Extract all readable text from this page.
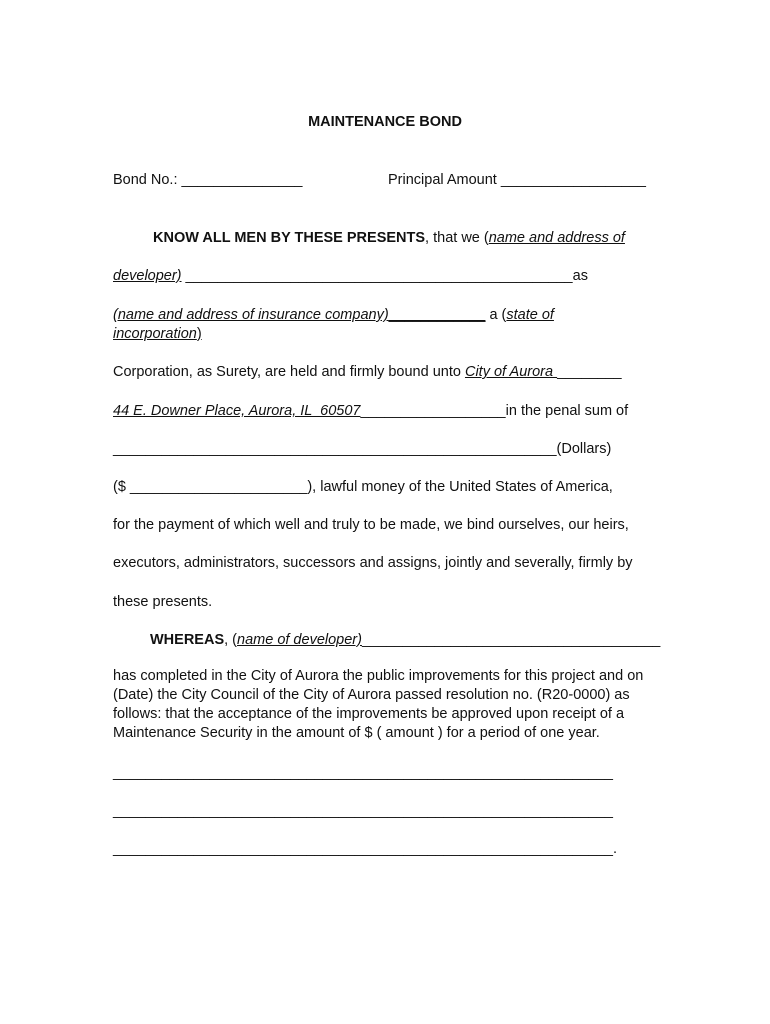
MAINTENANCE BOND
Bond No.: _______________	Principal Amount __________________
KNOW ALL MEN BY THESE PRESENTS, that we (name and address of
developer) ________________________________________________as
(name and address of insurance company)____________ a (state of
incorporation)
Corporation, as Surety, are held and firmly bound unto City of Aurora ________
44 E. Downer Place, Aurora, IL  60507__________________in the penal sum of
_______________________________________________________(Dollars)
($ ______________________), lawful money of the United States of America,
for the payment of which well and truly to be made, we bind ourselves, our heirs,
executors, administrators, successors and assigns, jointly and severally, firmly by
these presents.
WHEREAS, (name of developer)_____________________________________
has completed in the City of Aurora the public improvements for this project and on (Date) the City Council of the City of Aurora passed resolution no. (R20-0000) as follows: that the acceptance of the improvements be approved upon receipt of a Maintenance Security in the amount of $ ( amount ) for a period of one year.
______________________________________________________________
______________________________________________________________
______________________________________________________________.
